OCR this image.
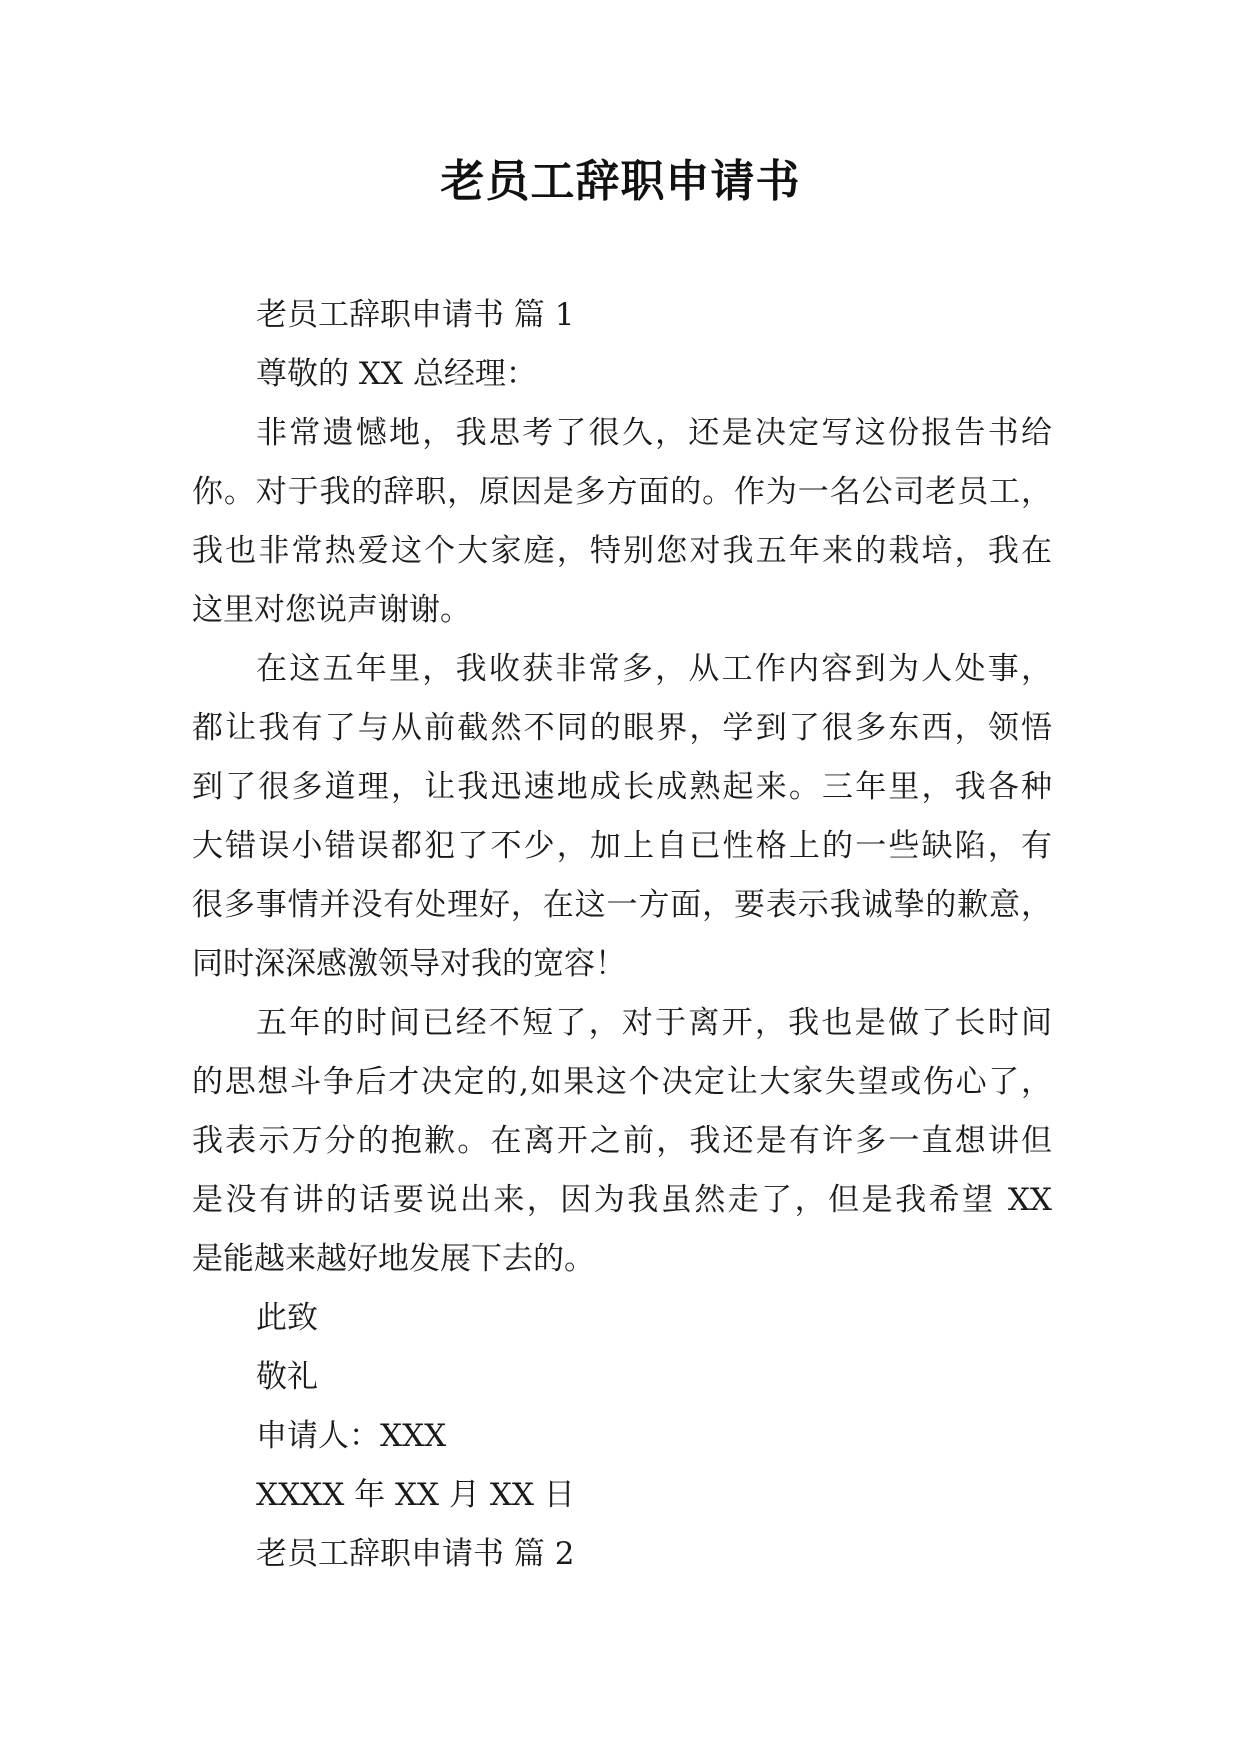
老员工辞职申请书
老员工辞职申请书 篇 1
尊敬的 XX 总经理：
非常遗憾地，我思考了很久，还是决定写这份报告书给
你。对于我的辞职，原因是多方面的。作为一名公司老员工，
我也非常热爱这个大家庭，特别您对我五年来的栽培，我在
这里对您说声谢谢。
在这五年里，我收获非常多，从工作内容到为人处事，
都让我有了与从前截然不同的眼界，学到了很多东西，领悟
到了很多道理，让我迅速地成长成熟起来。三年里，我各种
大错误小错误都犯了不少，加上自已性格上的一些缺陷，有
很多事情并没有处理好，在这一方面，要表示我诚挚的歉意，
同时深深感激领导对我的宽容！
五年的时间已经不短了，对于离开，我也是做了长时间
的思想斗争后才决定的,如果这个决定让大家失望或伤心了，
我表示万分的抱歉。在离开之前，我还是有许多一直想讲但
是没有讲的话要说出来，因为我虽然走了，但是我希望 XX
是能越来越好地发展下去的。
此致
敬礼
申请人：XXX
XXXX 年 XX 月 XX 日
老员工辞职申请书 篇 2
